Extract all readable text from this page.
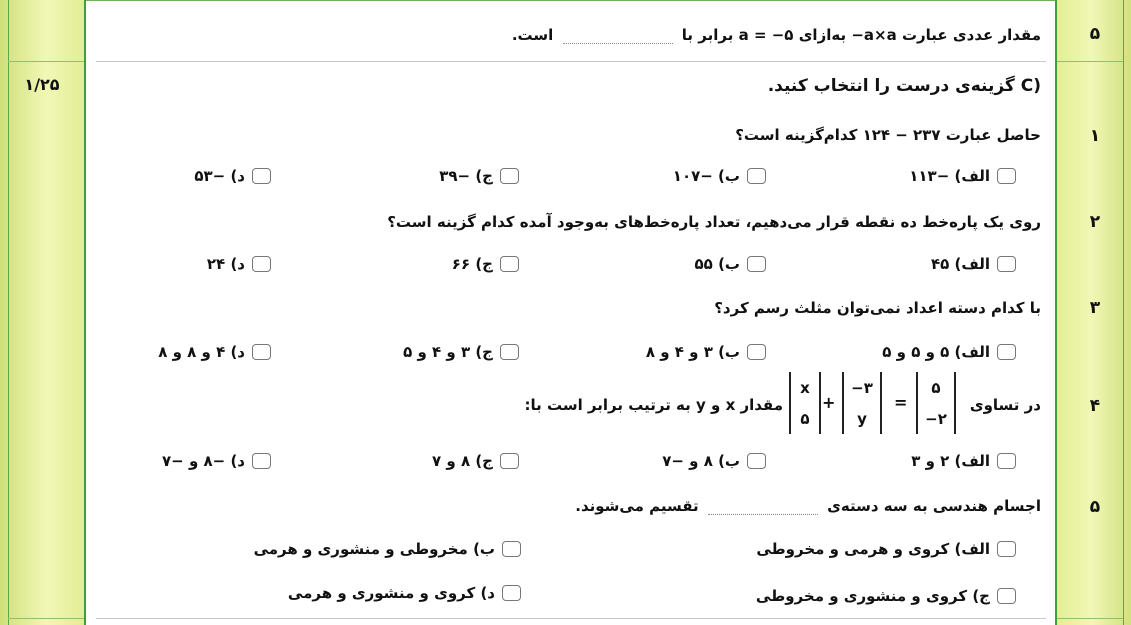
۱/۲۵
۵
مقدار عددی عبارت −a×a به‌ازای a = −۵ برابر با  است.
C) گزینه‌ی درست را انتخاب کنید.
۱
حاصل عبارت ۲۳۷ − ۱۲۴ کدام‌گزینه است؟
الف) −۱۱۳
ب) −۱۰۷
ج) −۳۹
د) −۵۳
۲
روی یک پاره‌خط ده نقطه قرار می‌دهیم، تعداد پاره‌خط‌های به‌وجود آمده کدام گزینه است؟
الف) ۴۵
ب) ۵۵
ج) ۶۶
د) ۲۴
۳
با کدام دسته اعداد نمی‌توان مثلث رسم کرد؟
الف) ۵ و ۵ و ۵
ب) ۳ و ۴ و ۸
ج) ۳ و ۴ و ۵
د) ۴ و ۸ و ۸
۴
در تساوی
۵
−۲
=
−۳
y
+
x
۵
مقدار x و y به ترتیب برابر است با:
الف) ۲ و ۳
ب) ۸ و −۷
ج) ۸ و ۷
د) −۸ و −۷
۵
اجسام هندسی به سه دسته‌ی  تقسیم می‌شوند.
الف) کروی و هرمی و مخروطی
ب) مخروطی و منشوری و هرمی
ج) کروی و منشوری و مخروطی
د) کروی و منشوری و هرمی
